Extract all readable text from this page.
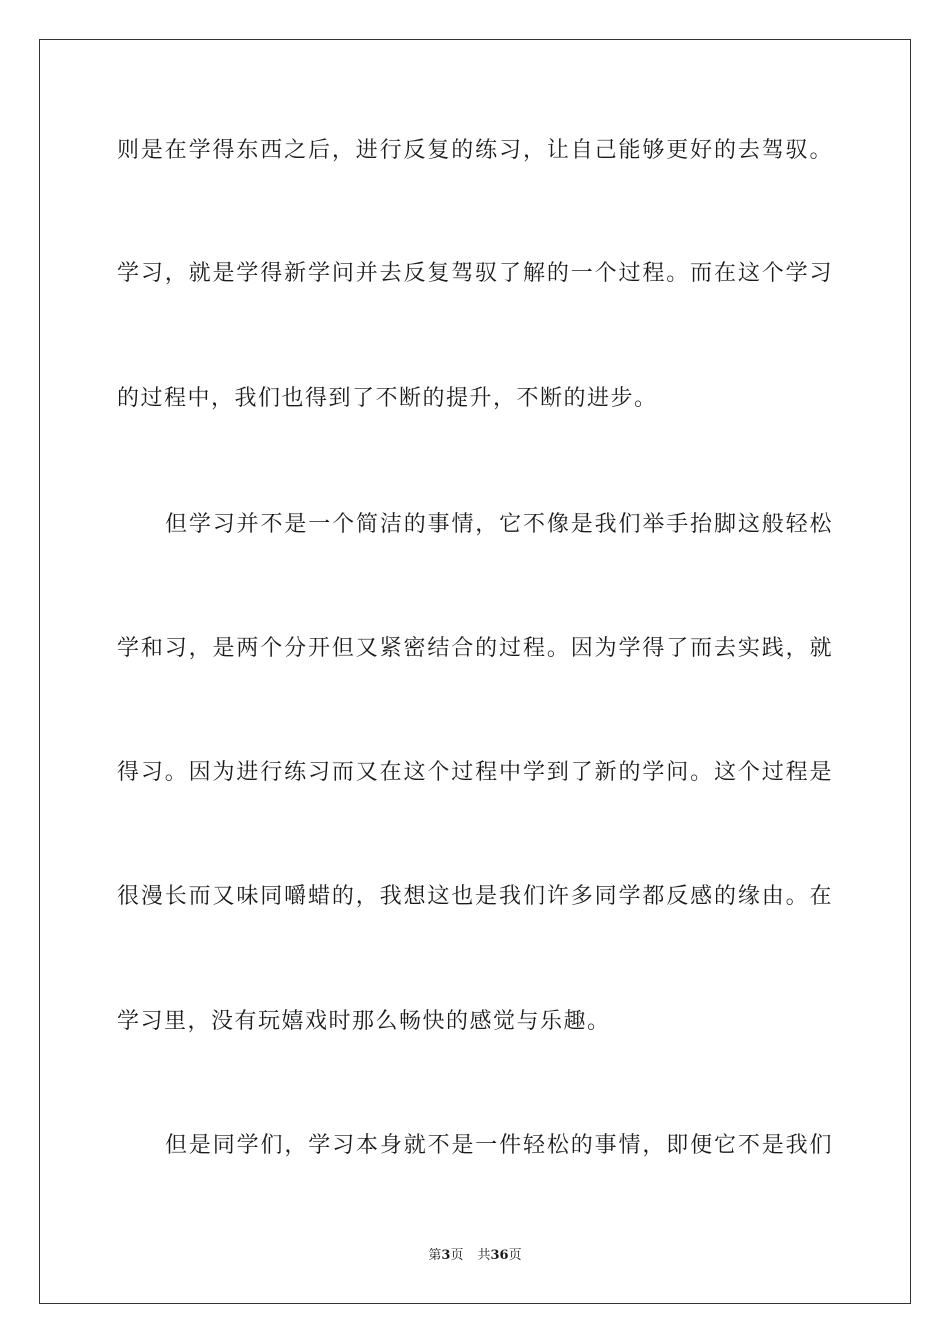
则是在学得东西之后，进行反复的练习，让自己能够更好的去驾驭。
学习，就是学得新学问并去反复驾驭了解的一个过程。而在这个学习
的过程中，我们也得到了不断的提升，不断的进步。
但学习并不是一个简洁的事情，它不像是我们举手抬脚这般轻松
学和习，是两个分开但又紧密结合的过程。因为学得了而去实践，就
得习。因为进行练习而又在这个过程中学到了新的学问。这个过程是
很漫长而又味同嚼蜡的，我想这也是我们许多同学都反感的缘由。在
学习里，没有玩嬉戏时那么畅快的感觉与乐趣。
但是同学们，学习本身就不是一件轻松的事情，即便它不是我们
第3页 共36页
